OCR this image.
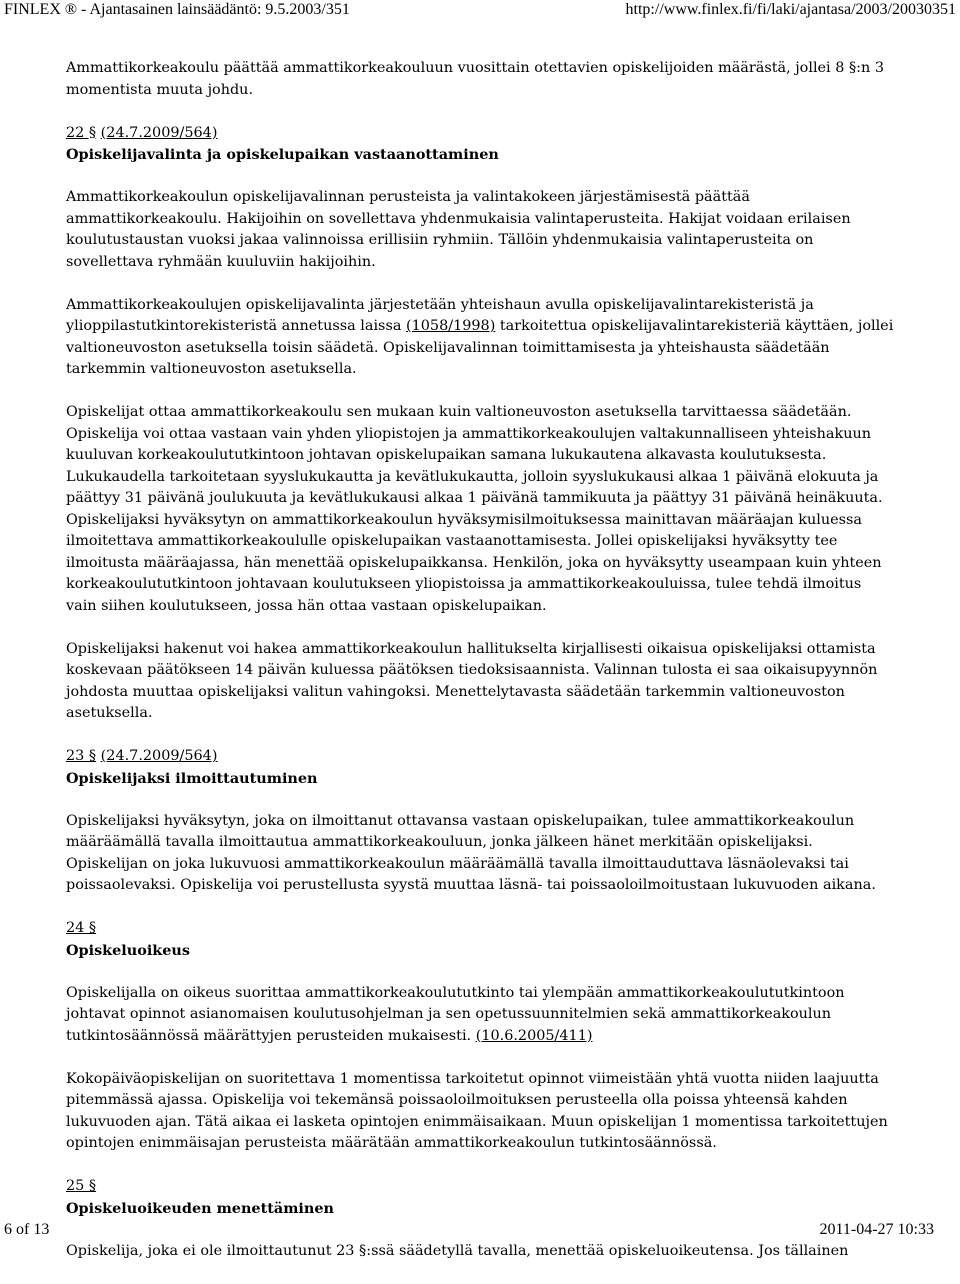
FINLEX ® - Ajantasainen lainsäädäntö: 9.5.2003/351	http://www.finlex.fi/fi/laki/ajantasa/2003/20030351

Ammattikorkeakoulu päättää ammattikorkeakouluun vuosittain otettavien opiskelijoiden määrästä, jollei 8 §:n 3 momentista muuta johdu.

22 § (24.7.2009/564)
Opiskelijavalinta ja opiskelupaikan vastaanottaminen

Ammattikorkeakoulun opiskelijavalinnan perusteista ja valintakokeen järjestämisestä päättää ammattikorkeakoulu. Hakijoihin on sovellettava yhdenmukaisia valintaperusteita. Hakijat voidaan erilaisen koulutustaustan vuoksi jakaa valinnoissa erillisiin ryhmiin. Tällöin yhdenmukaisia valintaperusteita on sovellettava ryhmään kuuluviin hakijoihin.

Ammattikorkeakoulujen opiskelijavalinta järjestetään yhteishaun avulla opiskelijavalintarekisteristä ja ylioppilastutkintorekisteristä annetussa laissa (1058/1998) tarkoitettua opiskelijavalintarekisteriä käyttäen, jollei valtioneuvoston asetuksella toisin säädetä. Opiskelijavalinnan toimittamisesta ja yhteishausta säädetään tarkemmin valtioneuvoston asetuksella.

Opiskelijat ottaa ammattikorkeakoulu sen mukaan kuin valtioneuvoston asetuksella tarvittaessa säädetään. Opiskelija voi ottaa vastaan vain yhden yliopistojen ja ammattikorkeakoulujen valtakunnalliseen yhteishakuun kuuluvan korkeakoulututkintoon johtavan opiskelupaikan samana lukukautena alkavasta koulutuksesta. Lukukaudella tarkoitetaan syyslukukautta ja kevätlukukautta, jolloin syyslukukausi alkaa 1 päivänä elokuuta ja päättyy 31 päivänä joulukuuta ja kevätlukukausi alkaa 1 päivänä tammikuuta ja päättyy 31 päivänä heinäkuuta. Opiskelijaksi hyväksytyn on ammattikorkeakoulun hyväksymisilmoituksessa mainittavan määräajan kuluessa ilmoitettava ammattikorkeakoululle opiskelupaikan vastaanottamisesta. Jollei opiskelijaksi hyväksytty tee ilmoitusta määräajassa, hän menettää opiskelupaikkansa. Henkilön, joka on hyväksytty useampaan kuin yhteen korkeakoulututkintoon johtavaan koulutukseen yliopistoissa ja ammattikorkeakouluissa, tulee tehdä ilmoitus vain siihen koulutukseen, jossa hän ottaa vastaan opiskelupaikan.

Opiskelijaksi hakenut voi hakea ammattikorkeakoulun hallitukselta kirjallisesti oikaisua opiskelijaksi ottamista koskevaan päätökseen 14 päivän kuluessa päätöksen tiedoksisaannista. Valinnan tulosta ei saa oikaisupyynnön johdosta muuttaa opiskelijaksi valitun vahingoksi. Menettelytavasta säädetään tarkemmin valtioneuvoston asetuksella.

23 § (24.7.2009/564)
Opiskelijaksi ilmoittautuminen

Opiskelijaksi hyväksytyn, joka on ilmoittanut ottavansa vastaan opiskelupaikan, tulee ammattikorkeakoulun määräämällä tavalla ilmoittautua ammattikorkeakouluun, jonka jälkeen hänet merkitään opiskelijaksi. Opiskelijan on joka lukuvuosi ammattikorkeakoulun määräämällä tavalla ilmoittauduttava läsnäolevaksi tai poissaolevaksi. Opiskelija voi perustellusta syystä muuttaa läsnä- tai poissaoloilmoitustaan lukuvuoden aikana.

24 §
Opiskeluoikeus

Opiskelijalla on oikeus suorittaa ammattikorkeakoulututkinto tai ylempään ammattikorkeakoulututkintoon johtavat opinnot asianomaisen koulutusohjelman ja sen opetussuunnitelmien sekä ammattikorkeakoulun tutkintosäännössä määrättyjen perusteiden mukaisesti. (10.6.2005/411)

Kokopäiväopiskelijan on suoritettava 1 momentissa tarkoitetut opinnot viimeistään yhtä vuotta niiden laajuutta pitemmässä ajassa. Opiskelija voi tekemänsä poissaoloilmoituksen perusteella olla poissa yhteensä kahden lukuvuoden ajan. Tätä aikaa ei lasketa opintojen enimmäisaikaan. Muun opiskelijan 1 momentissa tarkoitettujen opintojen enimmäisajan perusteista määrätään ammattikorkeakoulun tutkintosäännössä.

25 §
Opiskeluoikeuden menettäminen

Opiskelija, joka ei ole ilmoittautunut 23 §:ssä säädetyllä tavalla, menettää opiskeluoikeutensa. Jos tällainen

6 of 13	2011-04-27 10:33
